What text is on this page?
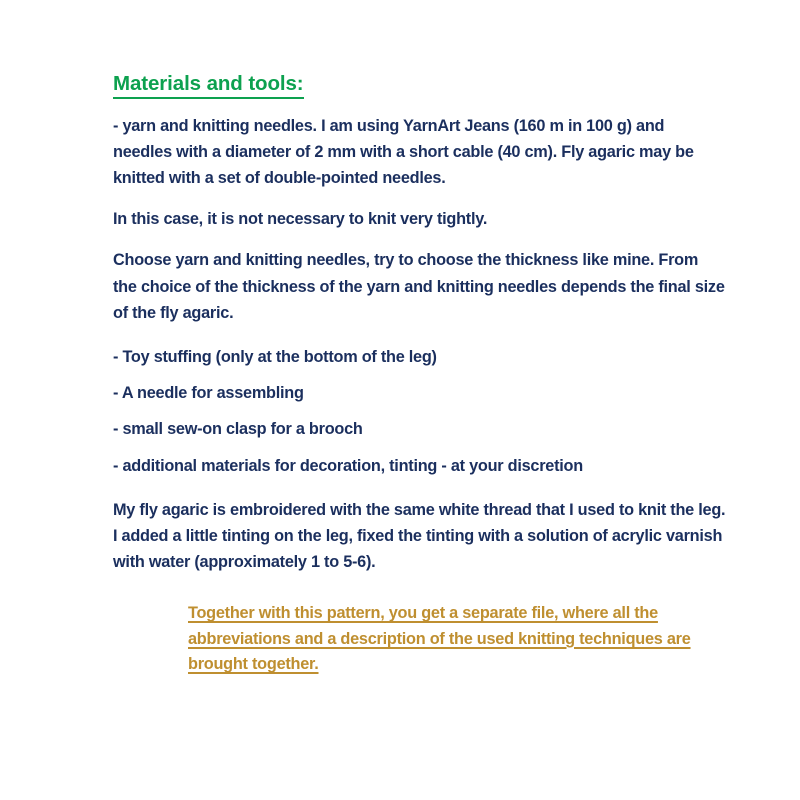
Materials and tools:

- yarn and knitting needles. I am using YarnArt Jeans (160 m in 100 g) and needles with a diameter of 2 mm with a short cable (40 cm). Fly agaric may be knitted with a set of double-pointed needles.

In this case, it is not necessary to knit very tightly.

Choose yarn and knitting needles, try to choose the thickness like mine. From the choice of the thickness of the yarn and knitting needles depends the final size of the fly agaric.

- Toy stuffing (only at the bottom of the leg)

- A needle for assembling

- small sew-on clasp for a brooch

- additional materials for decoration, tinting - at your discretion

My fly agaric is embroidered with the same white thread that I used to knit the leg. I added a little tinting on the leg, fixed the tinting with a solution of acrylic varnish with water (approximately 1 to 5-6).

Together with this pattern, you get a separate file, where all the abbreviations and a description of the used knitting techniques are brought together.
